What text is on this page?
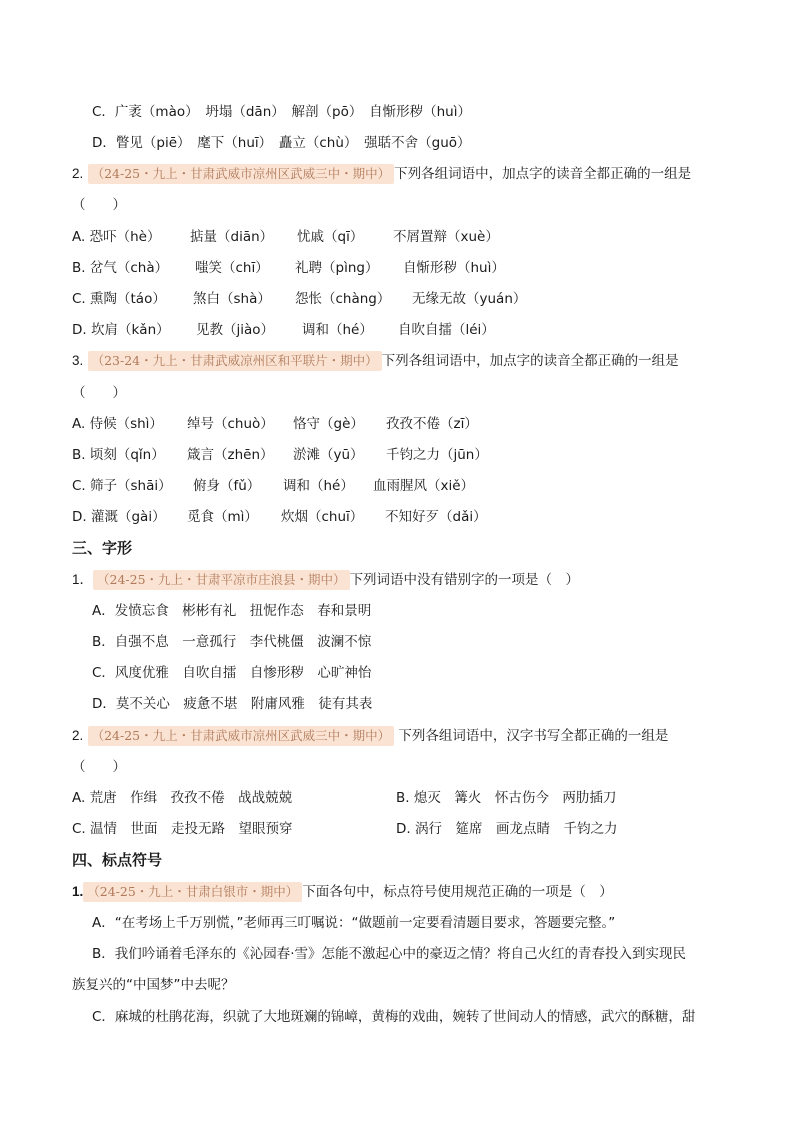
C．广袤（mào）　坍塌（dān）　解剖（pō）　自惭形秽（huì）
D．瞥见（piē）　麾下（huī）　矗立（chù）　强聒不舍（guō）
2. （24-25・九上・甘肃武威市凉州区武威三中・期中） 下列各组词语中，加点字的读音全都正确的一组是
（　　）
A. 恐吓（hè） 掂量（diān） 忧戚（qī） 不屑置辩（xuè）
B. 岔气（chà） 嗤笑（chī） 礼聘（pìng） 自惭形秽（huì）
C. 熏陶（táo） 煞白（shà） 怨怅（chàng） 无缘无故（yuán）
D. 坎肩（kǎn） 见教（jiào） 调和（hé） 自吹自擂（léi）
3. （23-24・九上・甘肃武威凉州区和平联片・期中） 下列各组词语中，加点字的读音全都正确的一组是
（　　）
A. 侍候（shì） 绰号（chuò） 恪守（gè） 孜孜不倦（zī）
B. 顷刻（qǐn） 箴言（zhēn） 淤滩（yū） 千钧之力（jūn）
C. 筛子（shāi） 俯身（fǔ） 调和（hé） 血雨腥风（xiě）
D. 灌溉（gài） 觅食（mì） 炊烟（chuī） 不知好歹（dǎi）
三、字形
1． （24-25・九上・甘肃平凉市庄浪县・期中） 下列词语中没有错别字的一项是（　）
A．发愤忘食　彬彬有礼　扭怩作态　春和景明
B．自强不息　一意孤行　李代桃僵　波澜不惊
C．风度优雅　自吹自擂　自惨形秽　心旷神怡
D．莫不关心　疲惫不堪　附庸风雅　徒有其表
2. （24-25・九上・甘肃武威市凉州区武威三中・期中） 下列各组词语中，汉字书写全都正确的一组是
（　　）
A. 荒唐　作缉　孜孜不倦　战战兢兢	B. 熄灭　篝火　怀古伤今　两肋插刀
C. 温情　世面　走投无路　望眼预穿	D. 涡行　筵席　画龙点睛　千钧之力
四、标点符号
1. （24-25・九上・甘肃白银市・期中） 下面各句中，标点符号使用规范正确的一项是（　）
A．“在考场上千万别慌，”老师再三叮嘱说：“做题前一定要看清题目要求，答题要完整。”
B．我们吟诵着毛泽东的《沁园春·雪》怎能不激起心中的豪迈之情？将自己火红的青春投入到实现民
族复兴的“中国梦”中去呢？
C．麻城的杜鹃花海，织就了大地斑斓的锦嶂，黄梅的戏曲，婉转了世间动人的情感，武穴的酥糖，甜
